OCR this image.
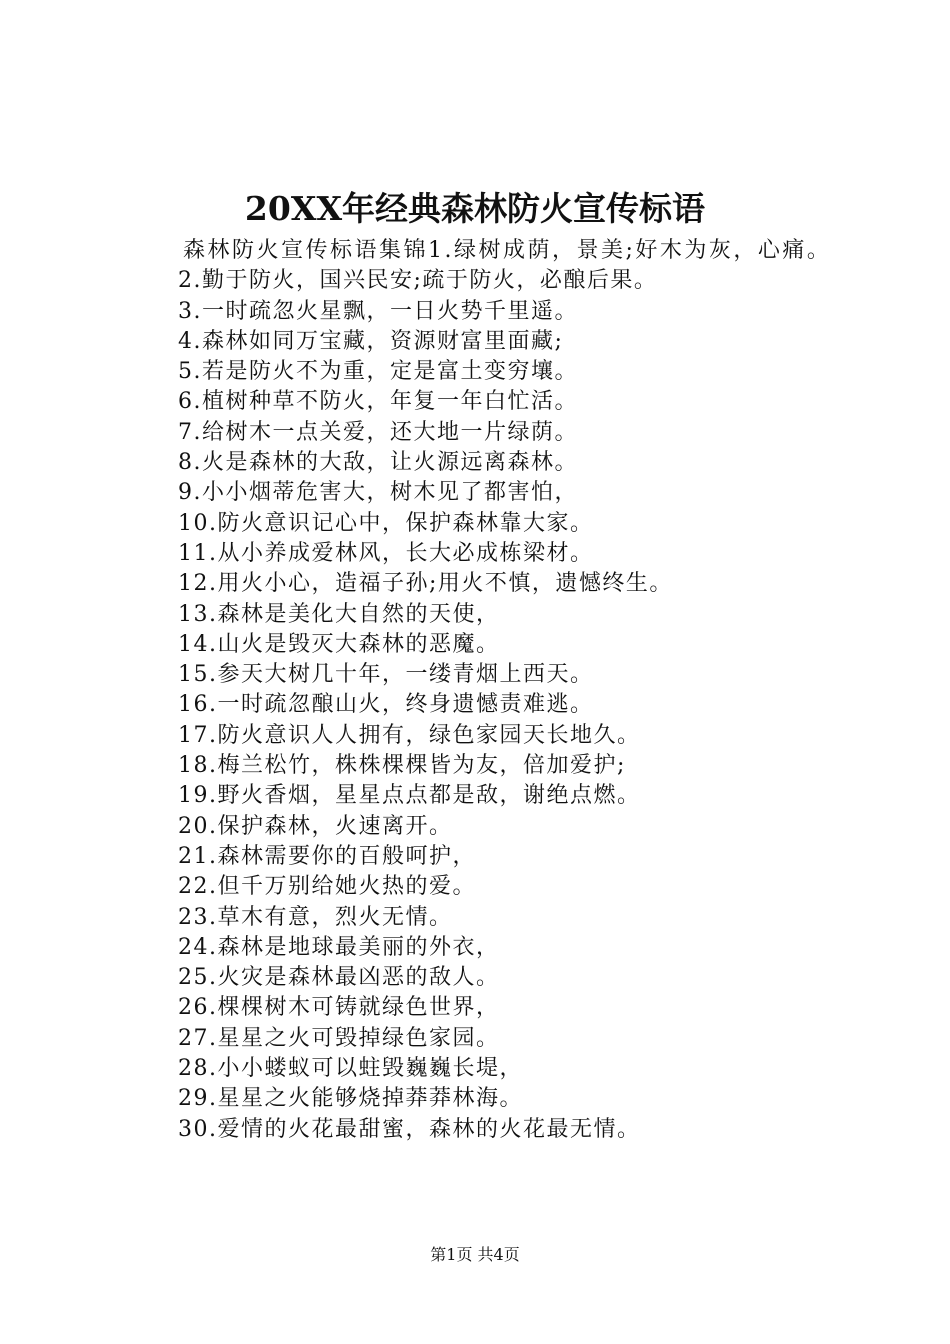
20XX年经典森林防火宣传标语

森林防火宣传标语集锦1.绿树成荫，景美;好木为灰，心痛。

2.勤于防火，国兴民安;疏于防火，必酿后果。

3.一时疏忽火星飘，一日火势千里遥。

4.森林如同万宝藏，资源财富里面藏;

5.若是防火不为重，定是富土变穷壤。

6.植树种草不防火，年复一年白忙活。

7.给树木一点关爱，还大地一片绿荫。

8.火是森林的大敌，让火源远离森林。

9.小小烟蒂危害大，树木见了都害怕，

10.防火意识记心中，保护森林靠大家。

11.从小养成爱林风，长大必成栋梁材。

12.用火小心，造福子孙;用火不慎，遗憾终生。

13.森林是美化大自然的天使，

14.山火是毁灭大森林的恶魔。

15.参天大树几十年，一缕青烟上西天。

16.一时疏忽酿山火，终身遗憾责难逃。

17.防火意识人人拥有，绿色家园天长地久。

18.梅兰松竹，株株棵棵皆为友，倍加爱护;

19.野火香烟，星星点点都是敌，谢绝点燃。

20.保护森林，火速离开。

21.森林需要你的百般呵护，

22.但千万别给她火热的爱。

23.草木有意，烈火无情。

24.森林是地球最美丽的外衣，

25.火灾是森林最凶恶的敌人。

26.棵棵树木可铸就绿色世界，

27.星星之火可毁掉绿色家园。

28.小小蝼蚁可以蛀毁巍巍长堤，

29.星星之火能够烧掉莽莽林海。

30.爱情的火花最甜蜜，森林的火花最无情。

第1页 共4页
